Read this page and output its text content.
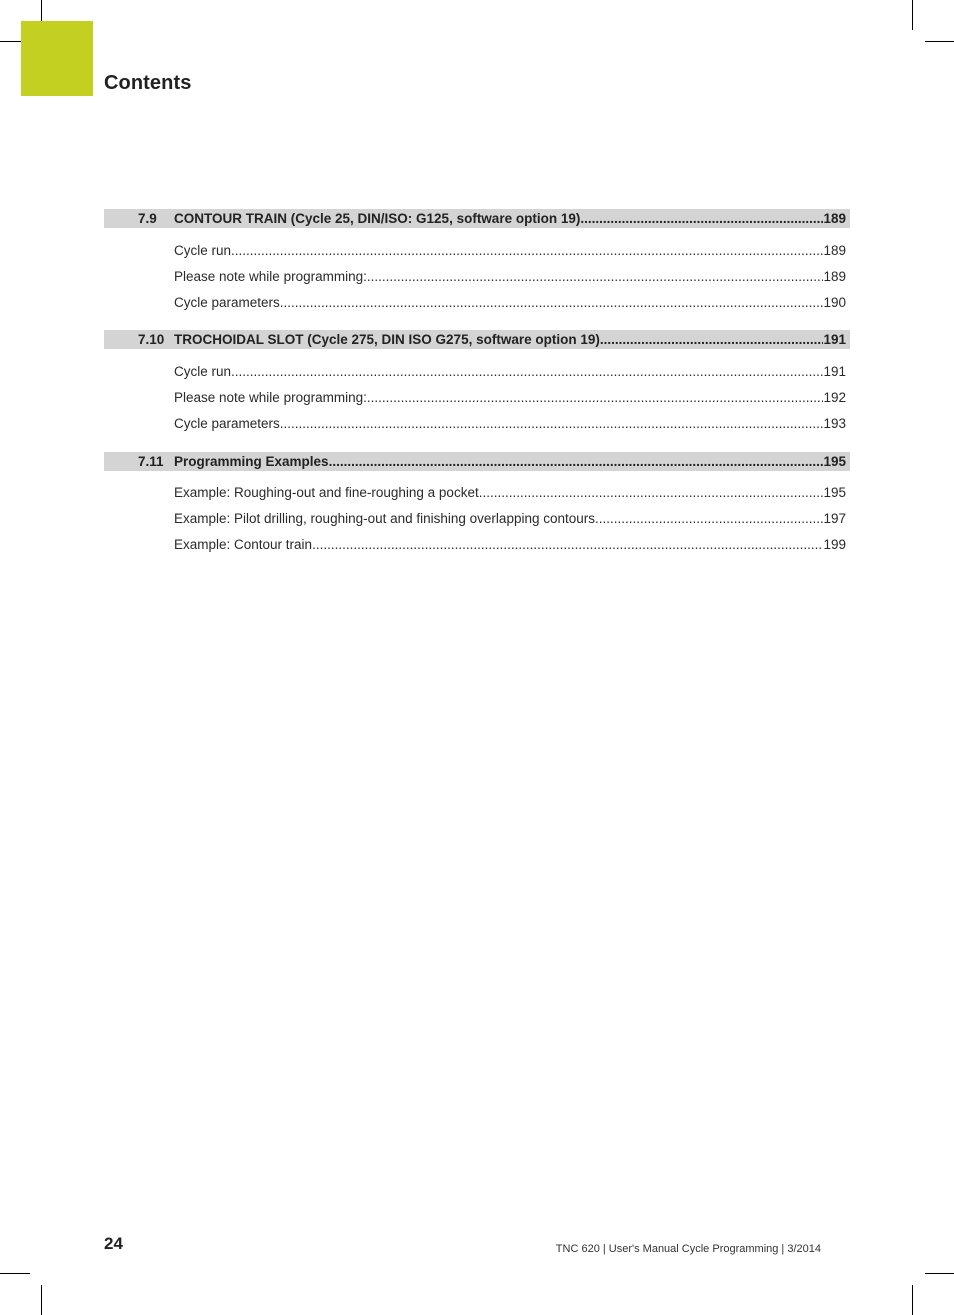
Contents
7.9	CONTOUR TRAIN (Cycle 25, DIN/ISO: G125, software option 19) .....	189
Cycle run .....	189
Please note while programming: .....	189
Cycle parameters .....	190
7.10 TROCHOIDAL SLOT (Cycle 275, DIN ISO G275, software option 19) .....	191
Cycle run .....	191
Please note while programming: .....	192
Cycle parameters .....	193
7.11 Programming Examples .....	195
Example: Roughing-out and fine-roughing a pocket .....	195
Example: Pilot drilling, roughing-out and finishing overlapping contours .....	197
Example: Contour train .....	199
24	TNC 620 | User's Manual Cycle Programming | 3/2014
